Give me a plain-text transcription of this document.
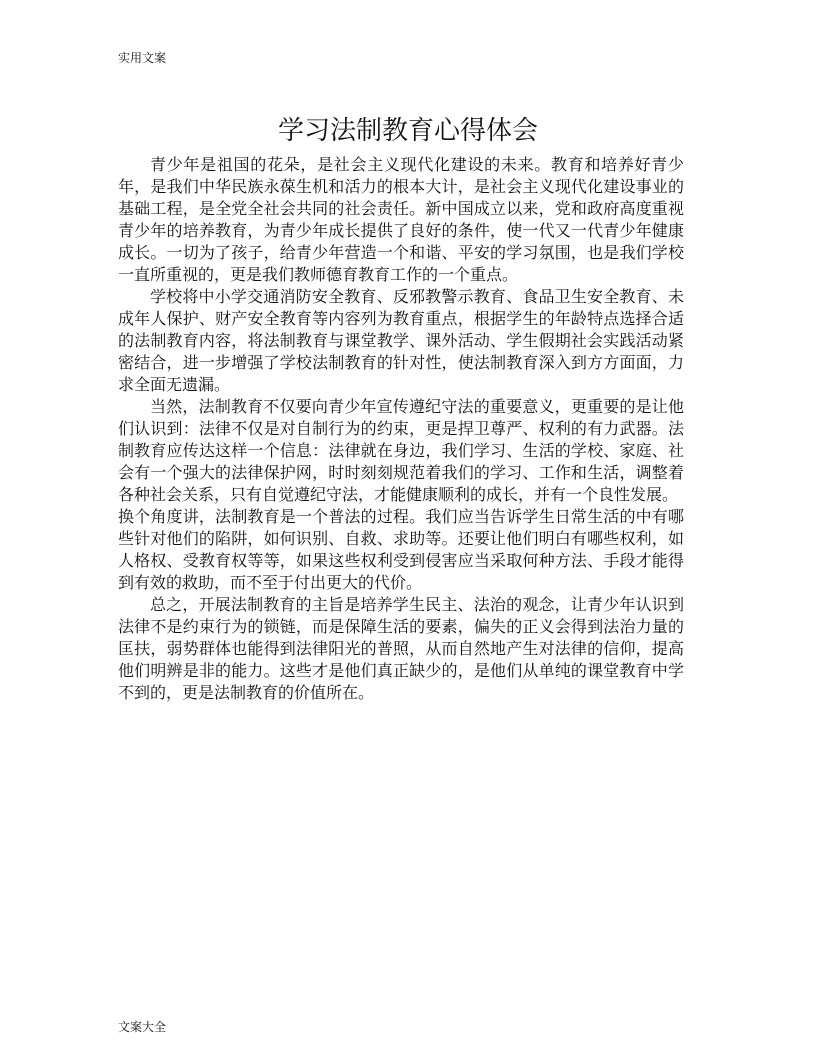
实用文案
学习法制教育心得体会

青少年是祖国的花朵，是社会主义现代化建设的未来。教育和培养好青少年，是我们中华民族永葆生机和活力的根本大计，是社会主义现代化建设事业的基础工程，是全党全社会共同的社会责任。新中国成立以来，党和政府高度重视青少年的培养教育，为青少年成长提供了良好的条件，使一代又一代青少年健康成长。一切为了孩子，给青少年营造一个和谐、平安的学习氛围，也是我们学校一直所重视的，更是我们教师德育教育工作的一个重点。

学校将中小学交通消防安全教育、反邪教警示教育、食品卫生安全教育、未成年人保护、财产安全教育等内容列为教育重点，根据学生的年龄特点选择合适的法制教育内容，将法制教育与课堂教学、课外活动、学生假期社会实践活动紧密结合，进一步增强了学校法制教育的针对性，使法制教育深入到方方面面，力求全面无遗漏。

当然，法制教育不仅要向青少年宣传遵纪守法的重要意义，更重要的是让他们认识到：法律不仅是对自制行为的约束，更是捍卫尊严、权利的有力武器。法制教育应传达这样一个信息：法律就在身边，我们学习、生活的学校、家庭、社会有一个强大的法律保护网，时时刻刻规范着我们的学习、工作和生活，调整着各种社会关系，只有自觉遵纪守法，才能健康顺利的成长，并有一个良性发展。

换个角度讲，法制教育是一个普法的过程。我们应当告诉学生日常生活的中有哪些针对他们的陷阱，如何识别、自救、求助等。还要让他们明白有哪些权利，如人格权、受教育权等等，如果这些权利受到侵害应当采取何种方法、手段才能得到有效的救助，而不至于付出更大的代价。

总之，开展法制教育的主旨是培养学生民主、法治的观念，让青少年认识到法律不是约束行为的锁链，而是保障生活的要素，偏失的正义会得到法治力量的匡扶，弱势群体也能得到法律阳光的普照，从而自然地产生对法律的信仰，提高他们明辨是非的能力。这些才是他们真正缺少的，是他们从单纯的课堂教育中学不到的，更是法制教育的价值所在。

文案大全
